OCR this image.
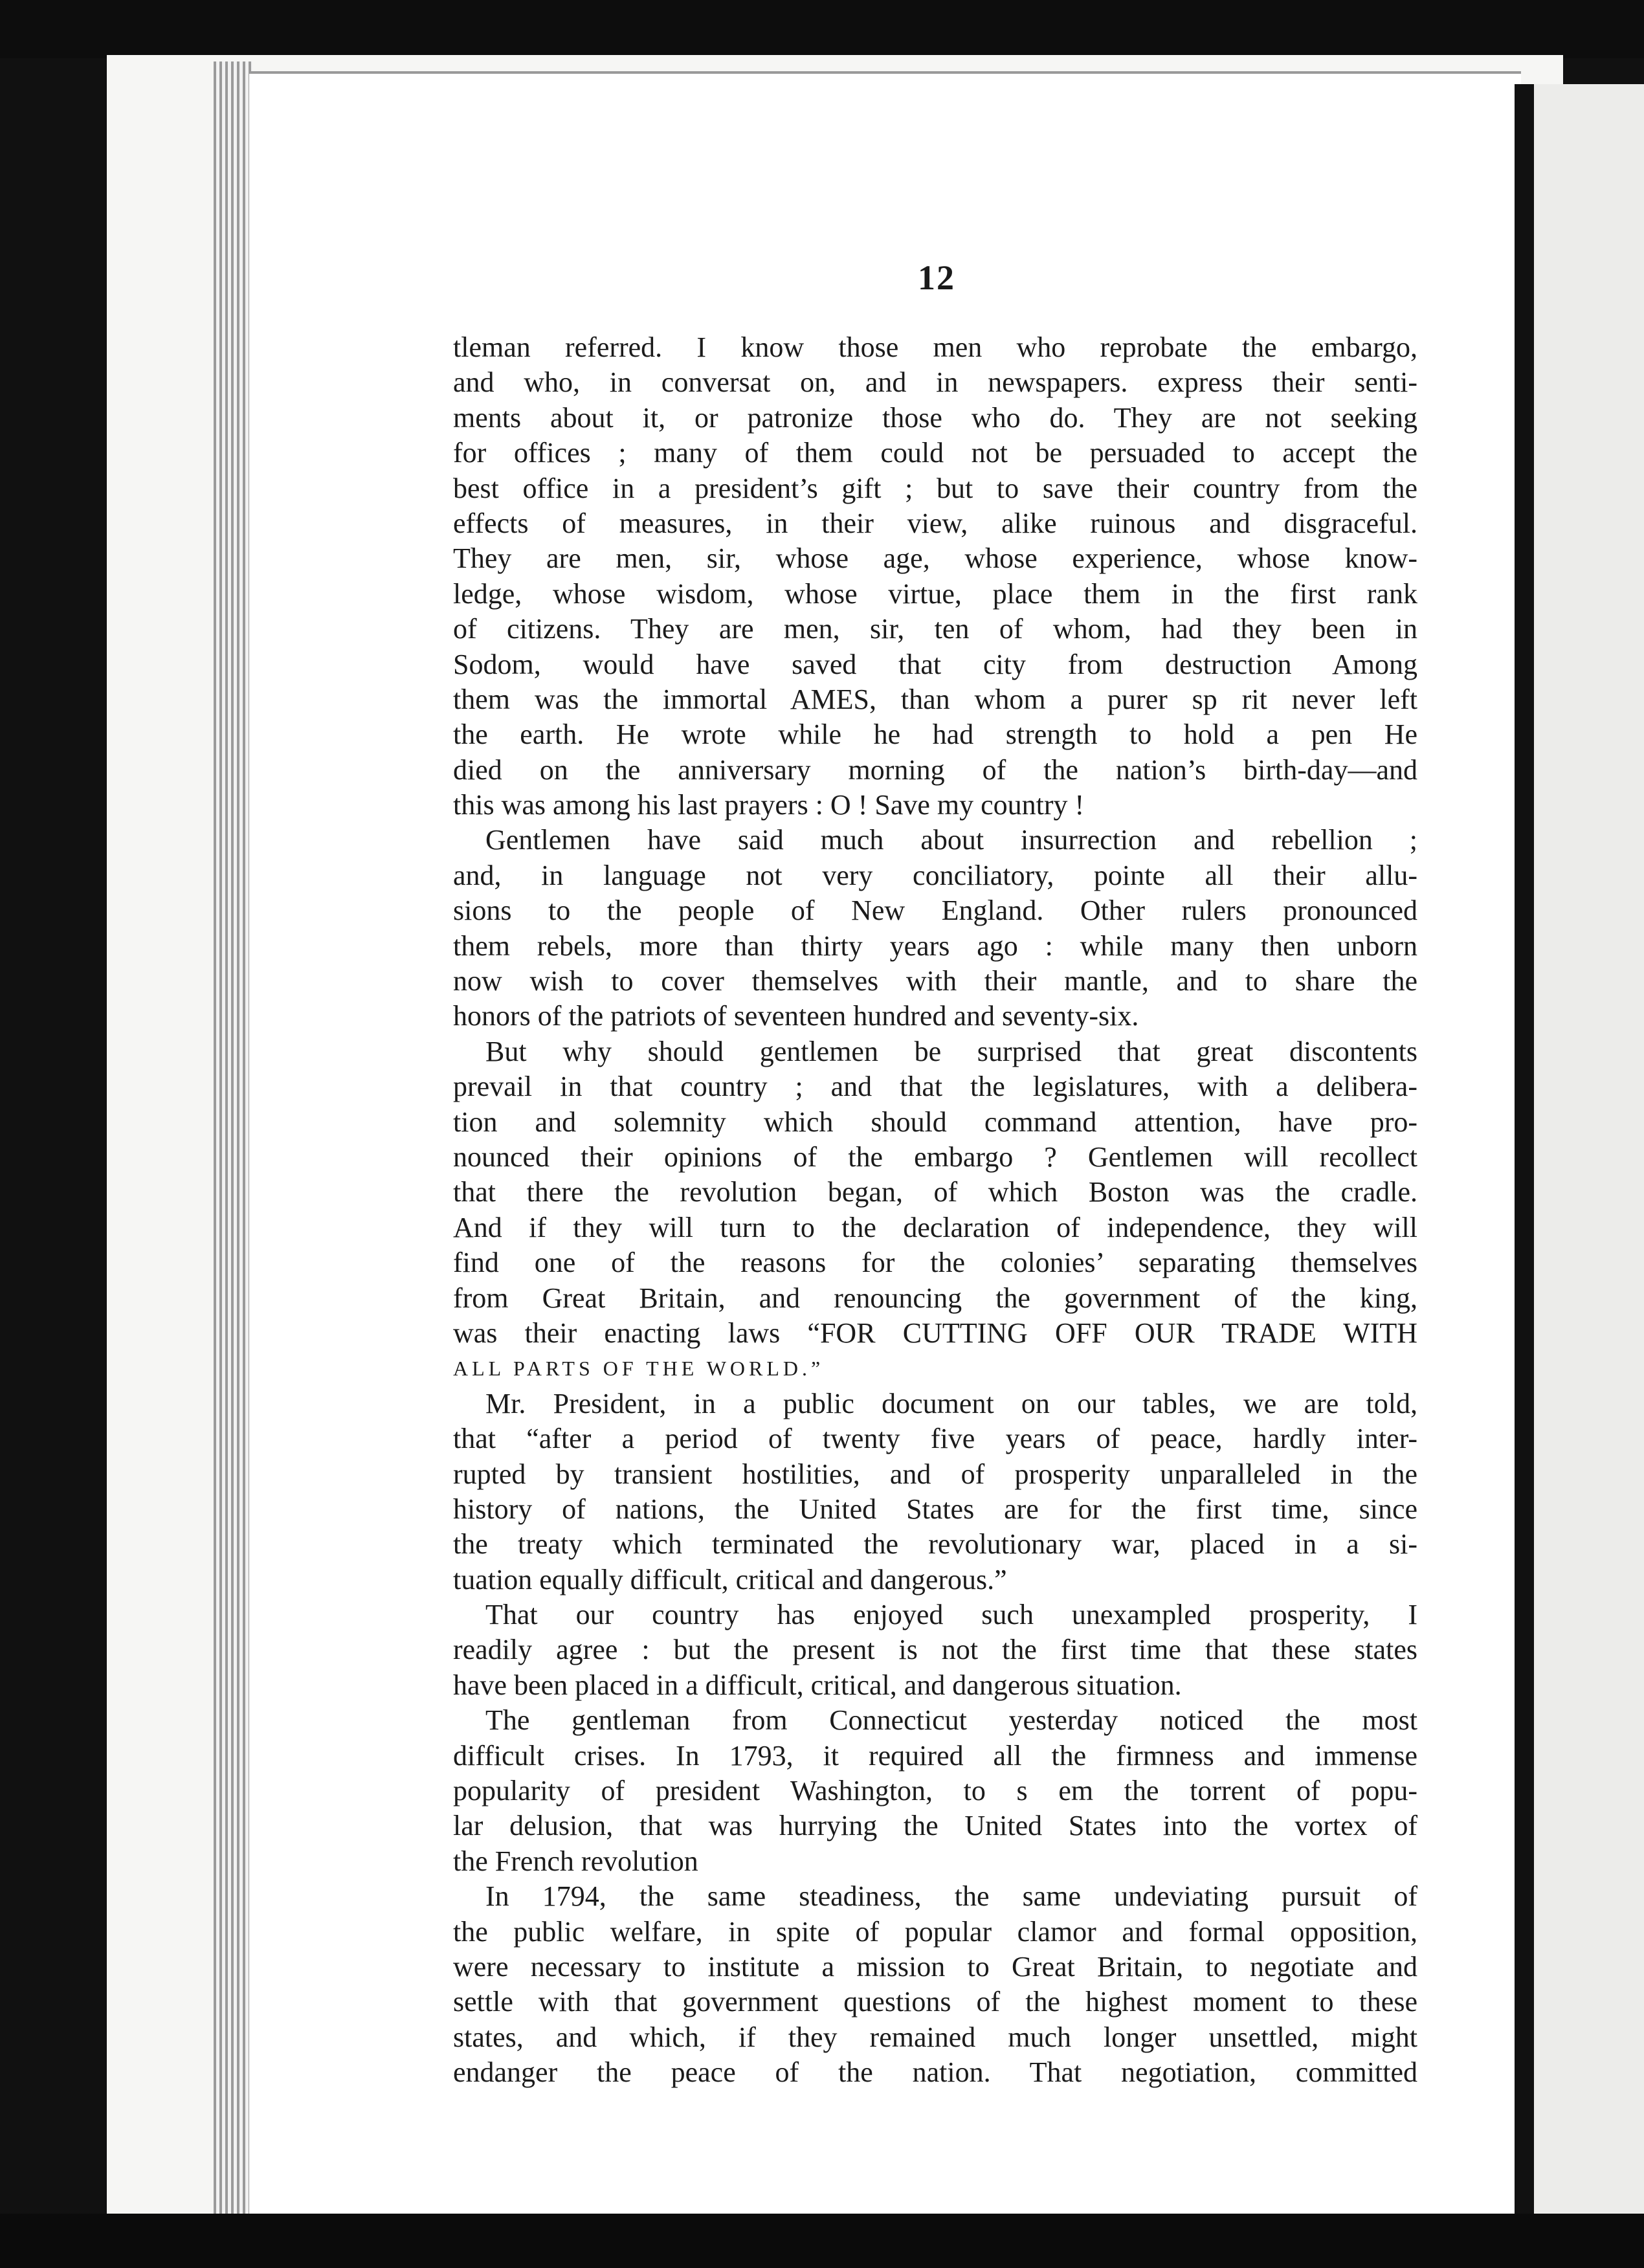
12
tleman referred. I know those men who reprobate the embargo,
and who, in conversat on, and in newspapers. express their senti-
ments about it, or patronize those who do. They are not seeking
for offices ; many of them could not be persuaded to accept the
best office in a president’s gift ; but to save their country from the
effects of measures, in their view, alike ruinous and disgraceful.
They are men, sir, whose age, whose experience, whose know-
ledge, whose wisdom, whose virtue, place them in the first rank
of citizens. They are men, sir, ten of whom, had they been in
Sodom, would have saved that city from destruction Among
them was the immortal AMES, than whom a purer sp rit never left
the earth. He wrote while he had strength to hold a pen He
died on the anniversary morning of the nation’s birth-day—and
this was among his last prayers : O ! Save my country !
Gentlemen have said much about insurrection and rebellion ;
and, in language not very conciliatory, pointe all their allu-
sions to the people of New England. Other rulers pronounced
them rebels, more than thirty years ago : while many then unborn
now wish to cover themselves with their mantle, and to share the
honors of the patriots of seventeen hundred and seventy-six.
But why should gentlemen be surprised that great discontents
prevail in that country ; and that the legislatures, with a delibera-
tion and solemnity which should command attention, have pro-
nounced their opinions of the embargo ? Gentlemen will recollect
that there the revolution began, of which Boston was the cradle.
And if they will turn to the declaration of independence, they will
find one of the reasons for the colonies’ separating themselves
from Great Britain, and renouncing the government of the king,
was their enacting laws “FOR CUTTING OFF OUR TRADE WITH
ALL PARTS OF THE WORLD.”
Mr. President, in a public document on our tables, we are told,
that “after a period of twenty five years of peace, hardly inter-
rupted by transient hostilities, and of prosperity unparalleled in the
history of nations, the United States are for the first time, since
the treaty which terminated the revolutionary war, placed in a si-
tuation equally difficult, critical and dangerous.”
That our country has enjoyed such unexampled prosperity, I
readily agree : but the present is not the first time that these states
have been placed in a difficult, critical, and dangerous situation.
The gentleman from Connecticut yesterday noticed the most
difficult crises. In 1793, it required all the firmness and immense
popularity of president Washington, to s em the torrent of popu-
lar delusion, that was hurrying the United States into the vortex of
the French revolution
In 1794, the same steadiness, the same undeviating pursuit of
the public welfare, in spite of popular clamor and formal opposition,
were necessary to institute a mission to Great Britain, to negotiate and
settle with that government questions of the highest moment to these
states, and which, if they remained much longer unsettled, might
endanger the peace of the nation. That negotiation, committed
